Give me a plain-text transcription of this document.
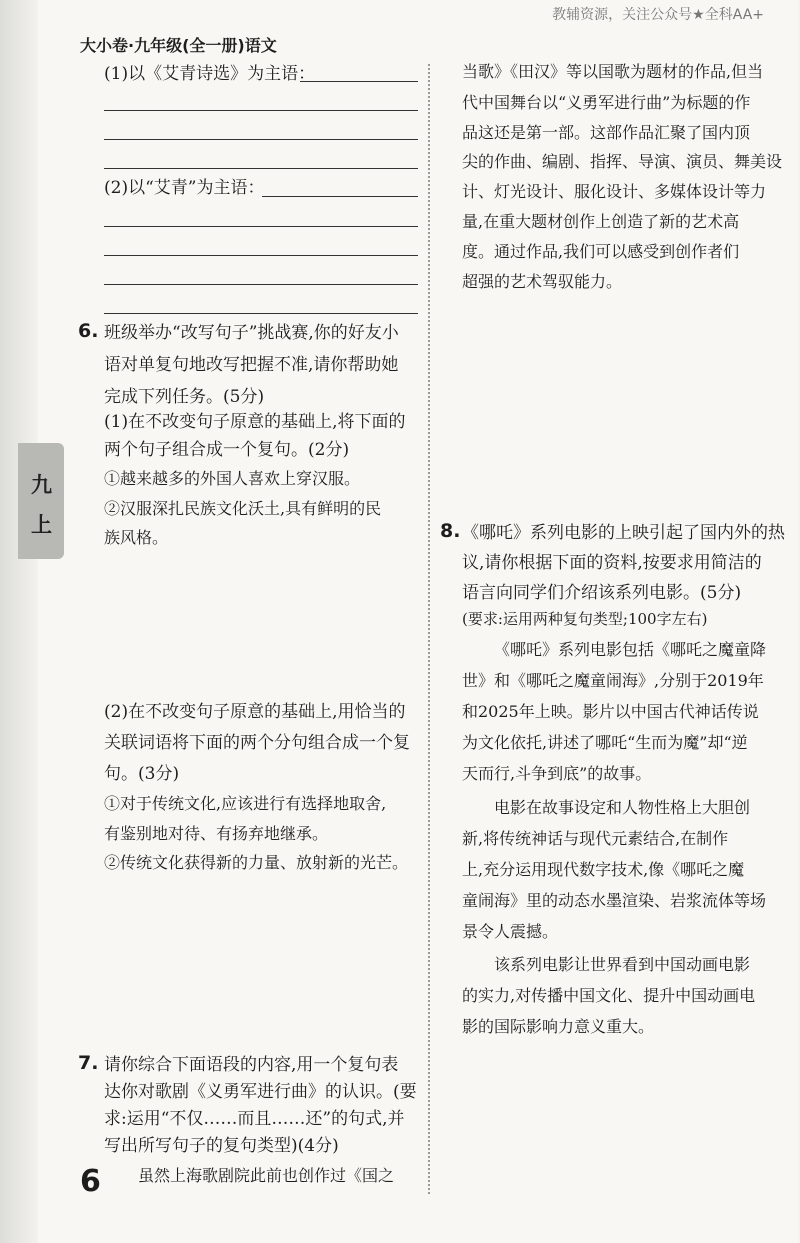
教辅资源，关注公众号★全科AA+
大小卷·九年级(全一册)语文
九
上
(1)以《艾青诗选》为主语：
(2)以“艾青”为主语：
6. 班级举办“改写句子”挑战赛,你的好友小
语对单复句地改写把握不准,请你帮助她
完成下列任务。(5分)
(1)在不改变句子原意的基础上,将下面的
两个句子组合成一个复句。(2分)
①越来越多的外国人喜欢上穿汉服。
②汉服深扎民族文化沃土,具有鲜明的民
族风格。
(2)在不改变句子原意的基础上,用恰当的
关联词语将下面的两个分句组合成一个复
句。(3分)
①对于传统文化,应该进行有选择地取舍,
有鉴别地对待、有扬弃地继承。
②传统文化获得新的力量、放射新的光芒。
7. 请你综合下面语段的内容,用一个复句表
达你对歌剧《义勇军进行曲》的认识。(要
求:运用“不仅……而且……还”的句式,并
写出所写句子的复句类型)(4分)
虽然上海歌剧院此前也创作过《国之
当歌》《田汉》等以国歌为题材的作品,但当
代中国舞台以“义勇军进行曲”为标题的作
品这还是第一部。这部作品汇聚了国内顶
尖的作曲、编剧、指挥、导演、演员、舞美设
计、灯光设计、服化设计、多媒体设计等力
量,在重大题材创作上创造了新的艺术高
度。通过作品,我们可以感受到创作者们
超强的艺术驾驭能力。
8. 《哪吒》系列电影的上映引起了国内外的热
议,请你根据下面的资料,按要求用简洁的
语言向同学们介绍该系列电影。(5分)
(要求:运用两种复句类型;100字左右)
《哪吒》系列电影包括《哪吒之魔童降
世》和《哪吒之魔童闹海》,分别于2019年
和2025年上映。影片以中国古代神话传说
为文化依托,讲述了哪吒“生而为魔”却“逆
天而行,斗争到底”的故事。
电影在故事设定和人物性格上大胆创
新,将传统神话与现代元素结合,在制作
上,充分运用现代数字技术,像《哪吒之魔
童闹海》里的动态水墨渲染、岩浆流体等场
景令人震撼。
该系列电影让世界看到中国动画电影
的实力,对传播中国文化、提升中国动画电
影的国际影响力意义重大。
6
